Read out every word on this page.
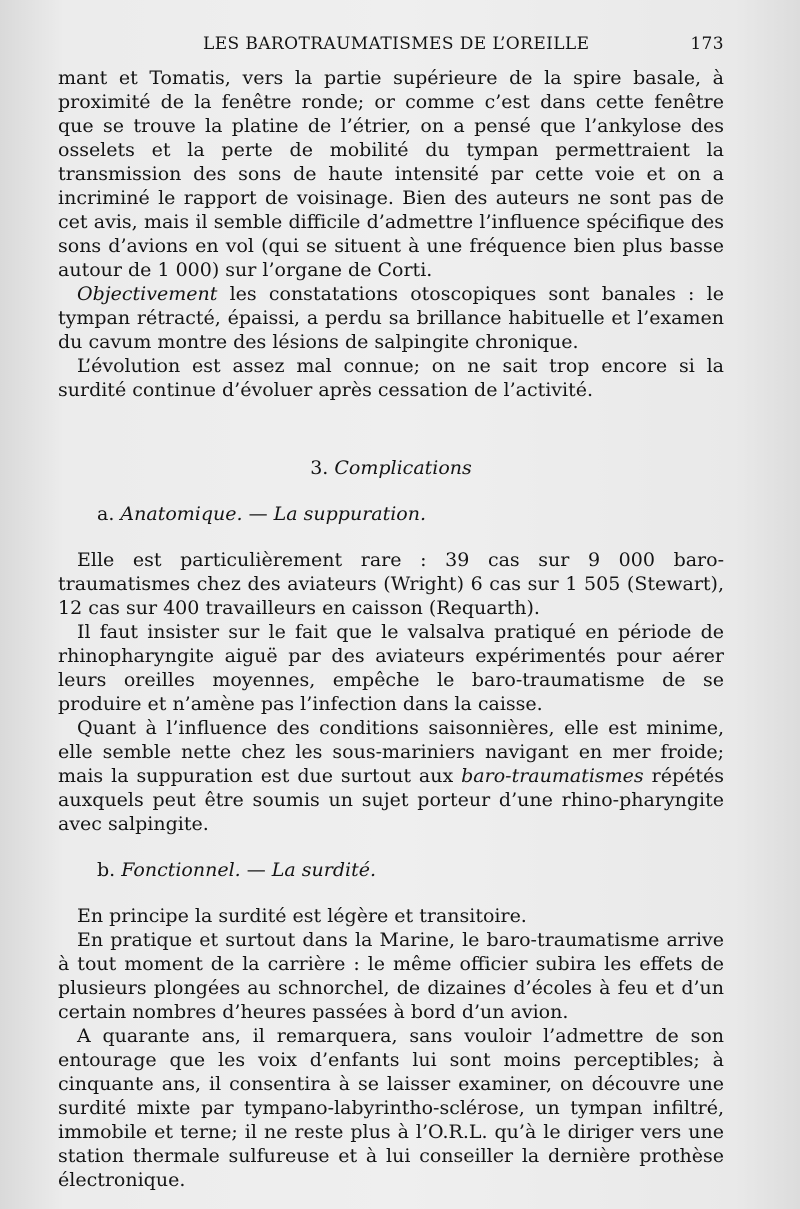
LES BAROTRAUMATISMES DE L’OREILLE	173

mant et Tomatis, vers la partie supérieure de la spire basale, à proximité de la fenêtre ronde; or comme c’est dans cette fenêtre que se trouve la platine de l’étrier, on a pensé que l’ankylose des osselets et la perte de mobilité du tympan permettraient la transmission des sons de haute intensité par cette voie et on a incriminé le rapport de voisinage. Bien des auteurs ne sont pas de cet avis, mais il semble difficile d’admettre l’influence spécifique des sons d’avions en vol (qui se situent à une fréquence bien plus basse autour de 1 000) sur l’organe de Corti.

Objectivement les constatations otoscopiques sont banales : le tympan rétracté, épaissi, a perdu sa brillance habituelle et l’examen du cavum montre des lésions de salpingite chronique.

L’évolution est assez mal connue; on ne sait trop encore si la surdité continue d’évoluer après cessation de l’activité.

3. Complications

a. Anatomique. — La suppuration.

Elle est particulièrement rare : 39 cas sur 9 000 baro-traumatismes chez des aviateurs (Wright) 6 cas sur 1 505 (Stewart), 12 cas sur 400 travailleurs en caisson (Requarth).

Il faut insister sur le fait que le valsalva pratiqué en période de rhinopharyngite aiguë par des aviateurs expérimentés pour aérer leurs oreilles moyennes, empêche le baro-traumatisme de se produire et n’amène pas l’infection dans la caisse.

Quant à l’influence des conditions saisonnières, elle est minime, elle semble nette chez les sous-mariniers navigant en mer froide; mais la suppuration est due surtout aux baro-traumatismes répétés auxquels peut être soumis un sujet porteur d’une rhino-pharyngite avec salpingite.

b. Fonctionnel. — La surdité.

En principe la surdité est légère et transitoire.

En pratique et surtout dans la Marine, le baro-traumatisme arrive à tout moment de la carrière : le même officier subira les effets de plusieurs plongées au schnorchel, de dizaines d’écoles à feu et d’un certain nombres d’heures passées à bord d’un avion.

A quarante ans, il remarquera, sans vouloir l’admettre de son entourage que les voix d’enfants lui sont moins perceptibles; à cinquante ans, il consentira à se laisser examiner, on découvre une surdité mixte par tympano-labyrintho-sclérose, un tympan infiltré, immobile et terne; il ne reste plus à l’O.R.L. qu’à le diriger vers une station thermale sulfureuse et à lui conseiller la dernière prothèse électronique.
